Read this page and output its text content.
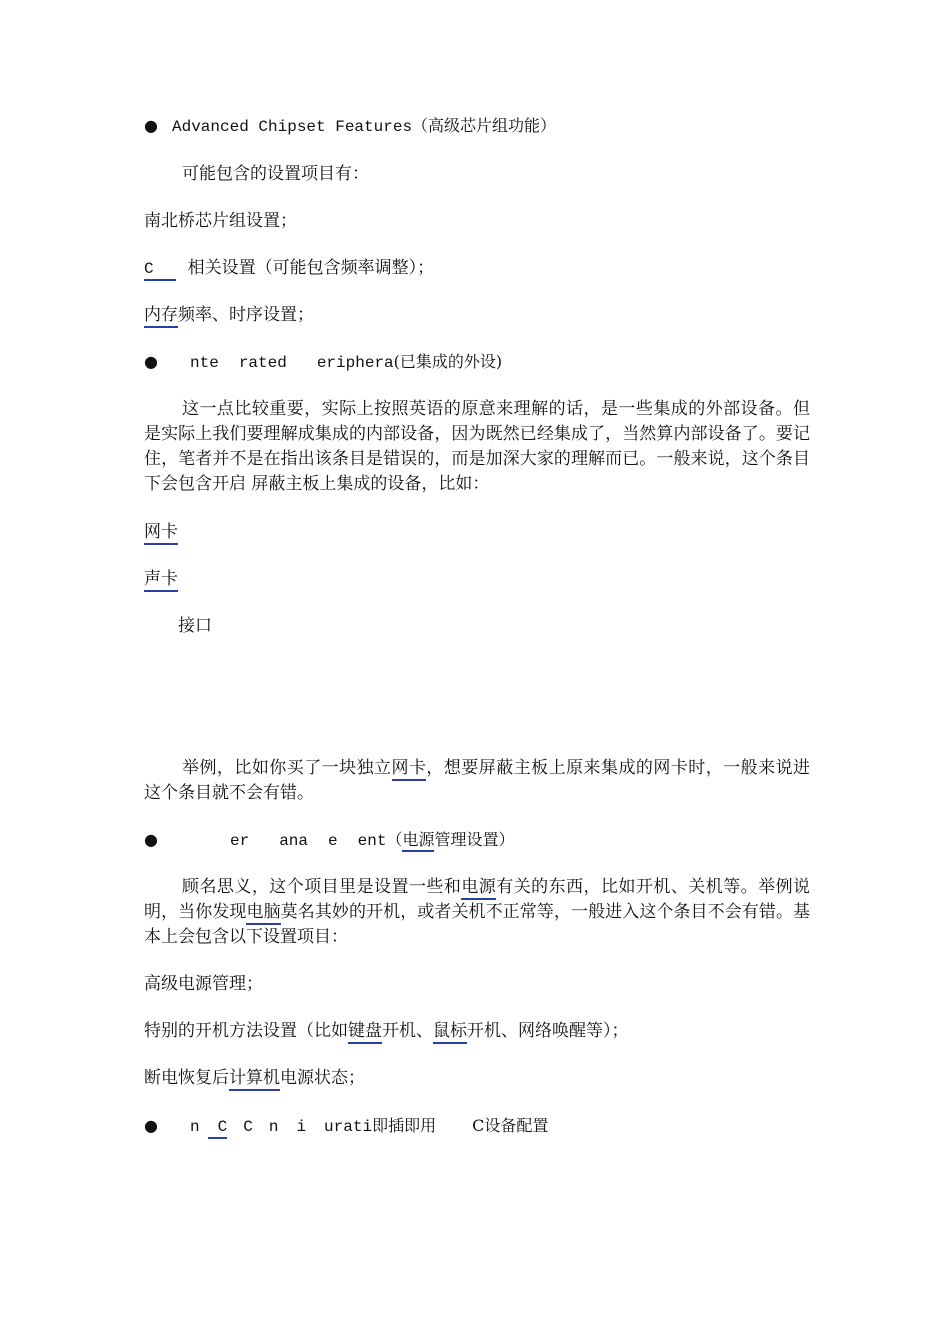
● Advanced Chipset Features（高级芯片组功能）
可能包含的设置项目有：
南北桥芯片组设置；
C 相关设置（可能包含频率调整）；
内存频率、时序设置；
● nte rated eriphera(已集成的外设)
这一点比较重要，实际上按照英语的原意来理解的话，是一些集成的外部设备。但是实际上我们要理解成集成的内部设备，因为既然已经集成了，当然算内部设备了。要记住，笔者并不是在指出该条目是错误的，而是加深大家的理解而已。一般来说，这个条目下会包含开启 屏蔽主板上集成的设备，比如：
网卡
声卡
接口
举例，比如你买了一块独立网卡，想要屏蔽主板上原来集成的网卡时，一般来说进这个条目就不会有错。
●	er ana e ent（电源管理设置）
顾名思义，这个项目里是设置一些和电源有关的东西，比如开机、关机等。举例说明，当你发现电脑莫名其妙的开机，或者关机不正常等，一般进入这个条目不会有错。基本上会包含以下设置项目：
高级电源管理；
特别的开机方法设置（比如键盘开机、鼠标开机、网络唤醒等）；
断电恢复后计算机电源状态；
● n C C n i urati即插即用 C设备配置
